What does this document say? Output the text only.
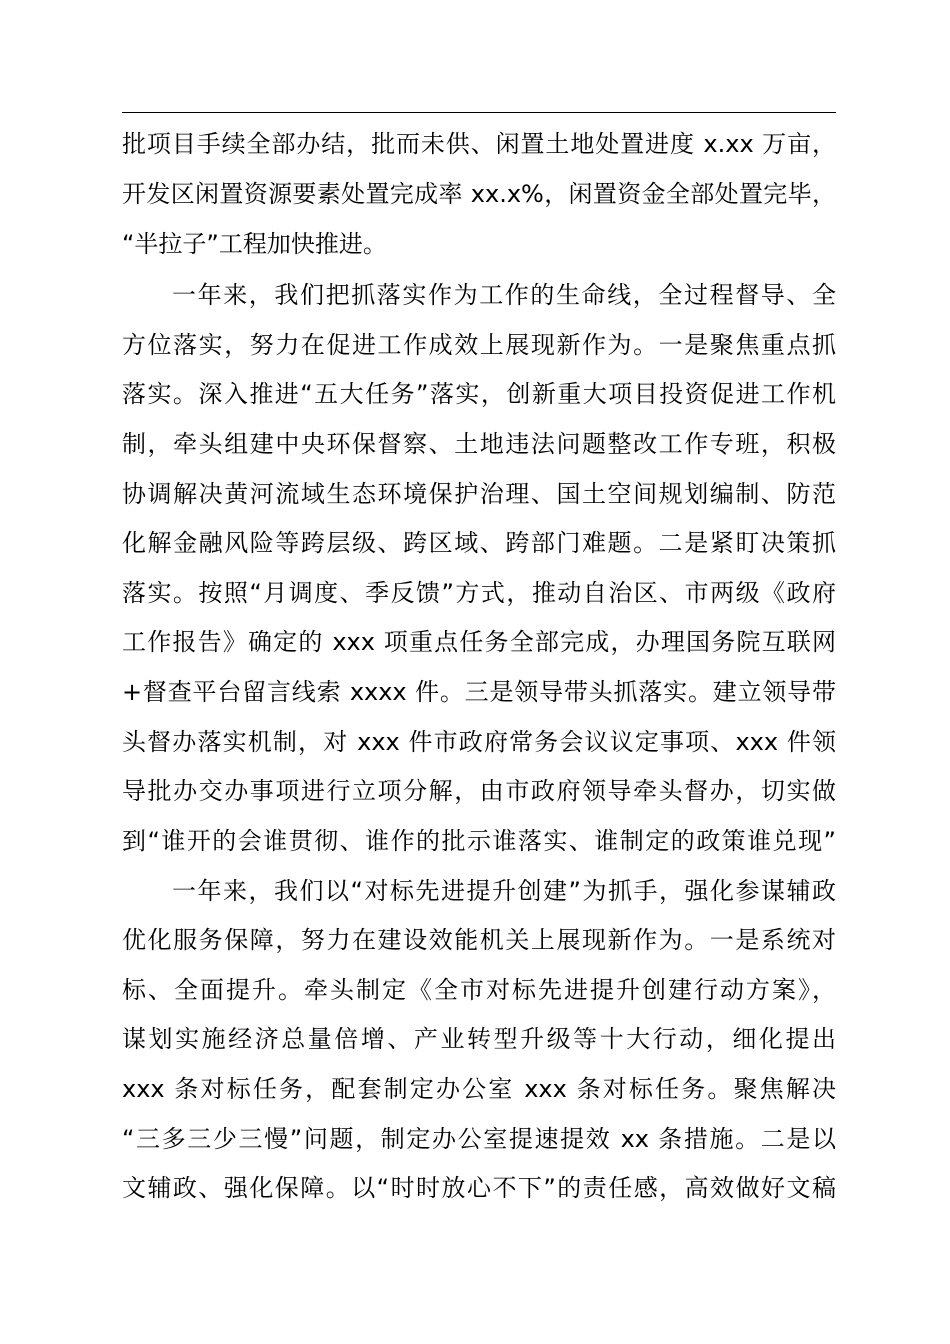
批项目手续全部办结，批而未供、闲置土地处置进度 x.xx 万亩，
开发区闲置资源要素处置完成率 xx.x%，闲置资金全部处置完毕，
“半拉子”工程加快推进。
一年来，我们把抓落实作为工作的生命线，全过程督导、全
方位落实，努力在促进工作成效上展现新作为。一是聚焦重点抓
落实。深入推进“五大任务”落实，创新重大项目投资促进工作机
制，牵头组建中央环保督察、土地违法问题整改工作专班，积极
协调解决黄河流域生态环境保护治理、国土空间规划编制、防范
化解金融风险等跨层级、跨区域、跨部门难题。二是紧盯决策抓
落实。按照“月调度、季反馈”方式，推动自治区、市两级《政府
工作报告》确定的 xxx 项重点任务全部完成，办理国务院互联网
+督查平台留言线索 xxxx 件。三是领导带头抓落实。建立领导带
头督办落实机制，对 xxx 件市政府常务会议议定事项、xxx 件领
导批办交办事项进行立项分解，由市政府领导牵头督办，切实做
到“谁开的会谁贯彻、谁作的批示谁落实、谁制定的政策谁兑现”
一年来，我们以“对标先进提升创建”为抓手，强化参谋辅政
优化服务保障，努力在建设效能机关上展现新作为。一是系统对
标、全面提升。牵头制定《全市对标先进提升创建行动方案》，
谋划实施经济总量倍增、产业转型升级等十大行动，细化提出
xxx 条对标任务，配套制定办公室 xxx 条对标任务。聚焦解决
“三多三少三慢”问题，制定办公室提速提效 xx 条措施。二是以
文辅政、强化保障。以“时时放心不下”的责任感，高效做好文稿
